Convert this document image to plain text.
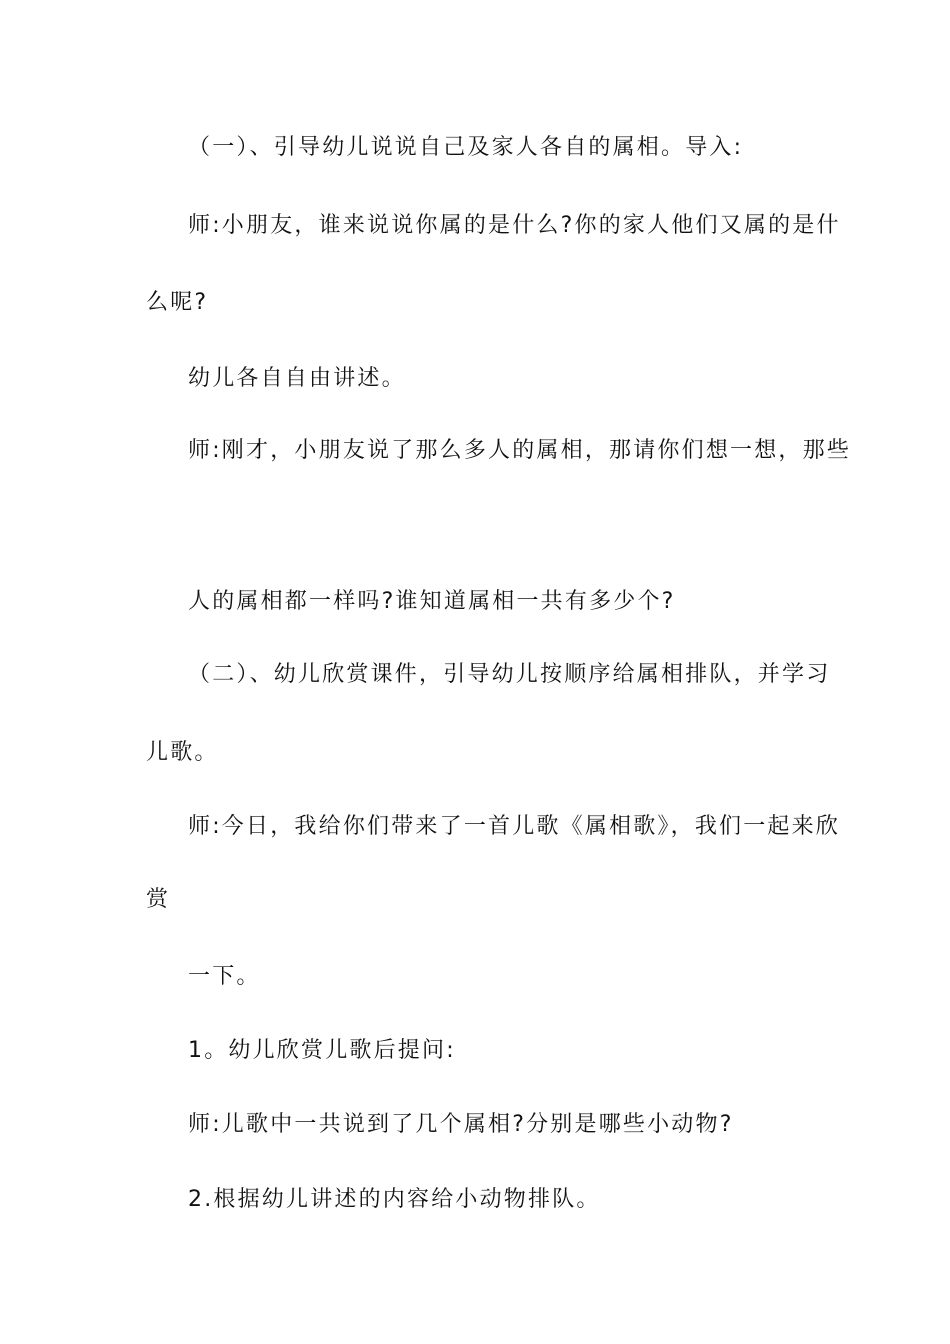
（一）、引导幼儿说说自己及家人各自的属相。导入:

师:小朋友，谁来说说你属的是什么?你的家人他们又属的是什

么呢?

幼儿各自自由讲述。

师:刚才，小朋友说了那么多人的属相，那请你们想一想，那些

人的属相都一样吗?谁知道属相一共有多少个?

（二）、幼儿欣赏课件，引导幼儿按顺序给属相排队，并学习

儿歌。

师:今日，我给你们带来了一首儿歌《属相歌》，我们一起来欣

赏

一下。

1。幼儿欣赏儿歌后提问:

师:儿歌中一共说到了几个属相?分别是哪些小动物?

2.根据幼儿讲述的内容给小动物排队。
